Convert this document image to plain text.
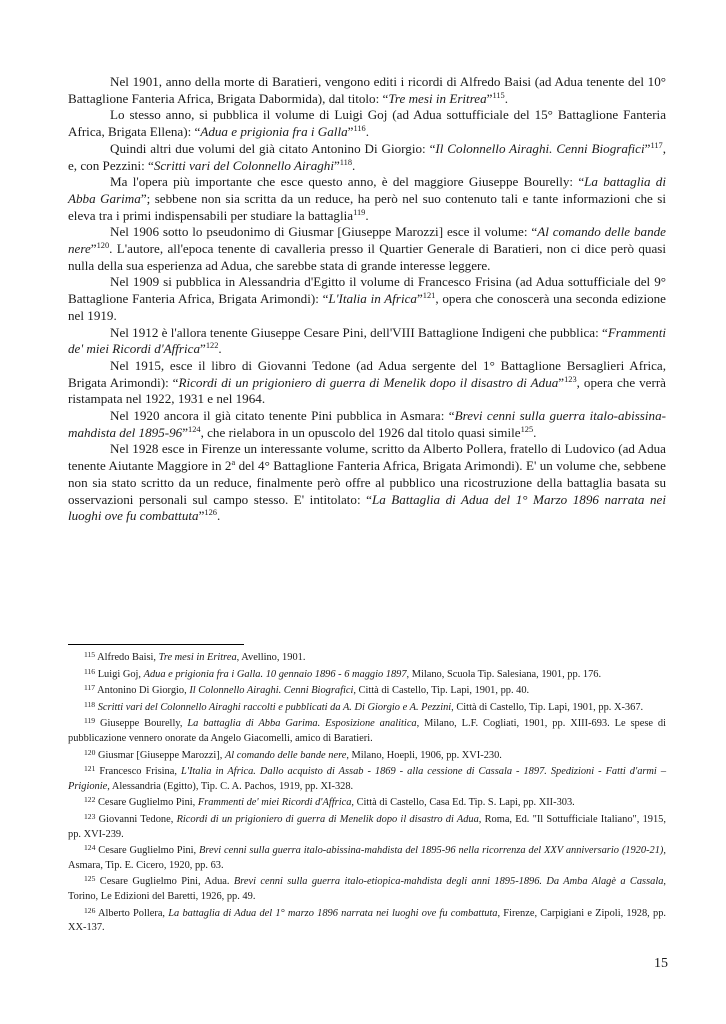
Nel 1901, anno della morte di Baratieri, vengono editi i ricordi di Alfredo Baisi (ad Adua tenente del 10° Battaglione Fanteria Africa, Brigata Dabormida), dal titolo: “Tre mesi in Eritrea”$^{115}$.

Lo stesso anno, si pubblica il volume di Luigi Goj (ad Adua sottufficiale del 15° Battaglione Fanteria Africa, Brigata Ellena): “Adua e prigionia fra i Galla”$^{116}$.

Quindi altri due volumi del già citato Antonino Di Giorgio: “Il Colonnello Airaghi. Cenni Biografici”$^{117}$, e, con Pezzini: “Scritti vari del Colonnello Airaghi”$^{118}$.

Ma l'opera più importante che esce questo anno, è del maggiore Giuseppe Bourelly: “La battaglia di Abba Garima”; sebbene non sia scritta da un reduce, ha però nel suo contenuto tali e tante informazioni che si eleva tra i primi indispensabili per studiare la battaglia$^{119}$.

Nel 1906 sotto lo pseudonimo di Giusmar [Giuseppe Marozzi] esce il volume: “Al comando delle bande nere”$^{120}$. L'autore, all'epoca tenente di cavalleria presso il Quartier Generale di Baratieri, non ci dice però quasi nulla della sua esperienza ad Adua, che sarebbe stata di grande interesse leggere.

Nel 1909 si pubblica in Alessandria d'Egitto il volume di Francesco Frisina (ad Adua sottufficiale del 9° Battaglione Fanteria Africa, Brigata Arimondi): “L'Italia in Africa”$^{121}$, opera che conoscerà una seconda edizione nel 1919.

Nel 1912 è l'allora tenente Giuseppe Cesare Pini, dell'VIII Battaglione Indigeni che pubblica: “Frammenti de' miei Ricordi d'Affrica”$^{122}$.

Nel 1915, esce il libro di Giovanni Tedone (ad Adua sergente del 1° Battaglione Bersaglieri Africa, Brigata Arimondi): “Ricordi di un prigioniero di guerra di Menelik dopo il disastro di Adua”$^{123}$, opera che verrà ristampata nel 1922, 1931 e nel 1964.

Nel 1920 ancora il già citato tenente Pini pubblica in Asmara: “Brevi cenni sulla guerra italo-abissina-mahdista del 1895-96”$^{124}$, che rielabora in un opuscolo del 1926 dal titolo quasi simile$^{125}$.

Nel 1928 esce in Firenze un interessante volume, scritto da Alberto Pollera, fratello di Ludovico (ad Adua tenente Aiutante Maggiore in 2$^a$ del 4° Battaglione Fanteria Africa, Brigata Arimondi). E' un volume che, sebbene non sia stato scritto da un reduce, finalmente però offre al pubblico una ricostruzione della battaglia basata su osservazioni personali sul campo stesso. E' intitolato: “La Battaglia di Adua del 1° Marzo 1896 narrata nei luoghi ove fu combattuta”$^{126}$.

$^{115}$ Alfredo Baisi, Tre mesi in Eritrea, Avellino, 1901.

$^{116}$ Luigi Goj, Adua e prigionia fra i Galla. 10 gennaio 1896 - 6 maggio 1897, Milano, Scuola Tip. Salesiana, 1901, pp. 176.

$^{117}$ Antonino Di Giorgio, Il Colonnello Airaghi. Cenni Biografici, Città di Castello, Tip. Lapi, 1901, pp. 40.

$^{118}$ Scritti vari del Colonnello Airaghi raccolti e pubblicati da A. Di Giorgio e A. Pezzini, Città di Castello, Tip. Lapi, 1901, pp. X-367.

$^{119}$ Giuseppe Bourelly, La battaglia di Abba Garima. Esposizione analitica, Milano, L.F. Cogliati, 1901, pp. XIII-693. Le spese di pubblicazione vennero onorate da Angelo Giacomelli, amico di Baratieri.

$^{120}$ Giusmar [Giuseppe Marozzi], Al comando delle bande nere, Milano, Hoepli, 1906, pp. XVI-230.

$^{121}$ Francesco Frisina, L'Italia in Africa. Dallo acquisto di Assab - 1869 - alla cessione di Cassala - 1897. Spedizioni - Fatti d'armi – Prigionie, Alessandria (Egitto), Tip. C. A. Pachos, 1919, pp. XI-328.

$^{122}$ Cesare Guglielmo Pini, Frammenti de' miei Ricordi d'Affrica, Città di Castello, Casa Ed. Tip. S. Lapi, pp. XII-303.

$^{123}$ Giovanni Tedone, Ricordi di un prigioniero di guerra di Menelik dopo il disastro di Adua, Roma, Ed. "Il Sottufficiale Italiano", 1915, pp. XVI-239.

$^{124}$ Cesare Guglielmo Pini, Brevi cenni sulla guerra italo-abissina-mahdista del 1895-96 nella ricorrenza del XXV anniversario (1920-21), Asmara, Tip. E. Cicero, 1920, pp. 63.

$^{125}$ Cesare Guglielmo Pini, Adua. Brevi cenni sulla guerra italo-etiopica-mahdista degli anni 1895-1896. Da Amba Alagè a Cassala, Torino, Le Edizioni del Baretti, 1926, pp. 49.

$^{126}$ Alberto Pollera, La battaglia di Adua del 1° marzo 1896 narrata nei luoghi ove fu combattuta, Firenze, Carpigiani e Zipoli, 1928, pp. XX-137.

15
